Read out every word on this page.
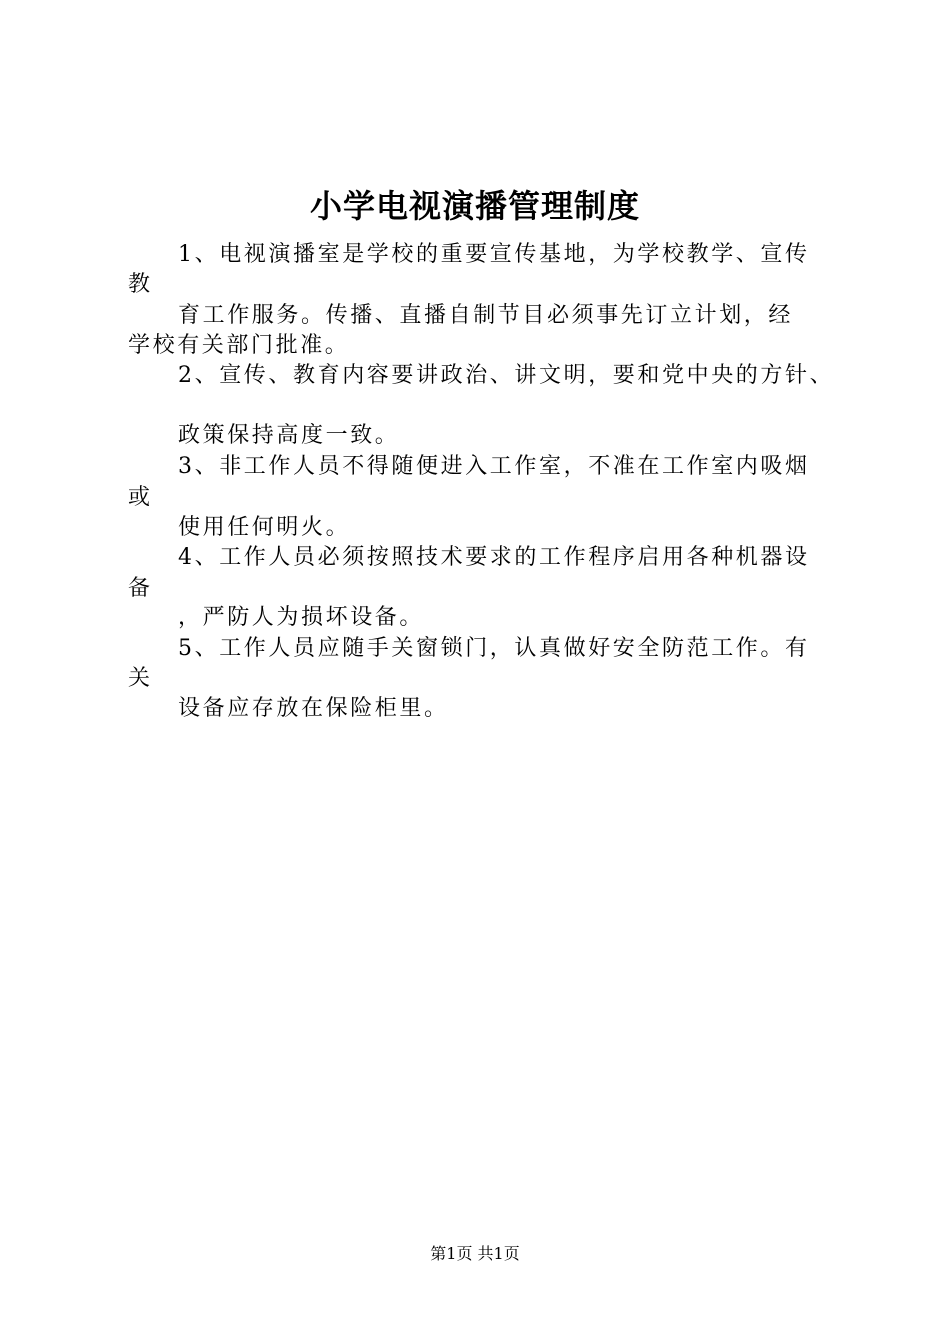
小学电视演播管理制度
1、电视演播室是学校的重要宣传基地，为学校教学、宣传
教
育工作服务。传播、直播自制节目必须事先订立计划，经
学校有关部门批准。
2、宣传、教育内容要讲政治、讲文明，要和党中央的方针、
政策保持高度一致。
3、非工作人员不得随便进入工作室，不准在工作室内吸烟
或
使用任何明火。
4、工作人员必须按照技术要求的工作程序启用各种机器设
备
，严防人为损坏设备。
5、工作人员应随手关窗锁门，认真做好安全防范工作。有
关
设备应存放在保险柜里。
第1页 共1页
